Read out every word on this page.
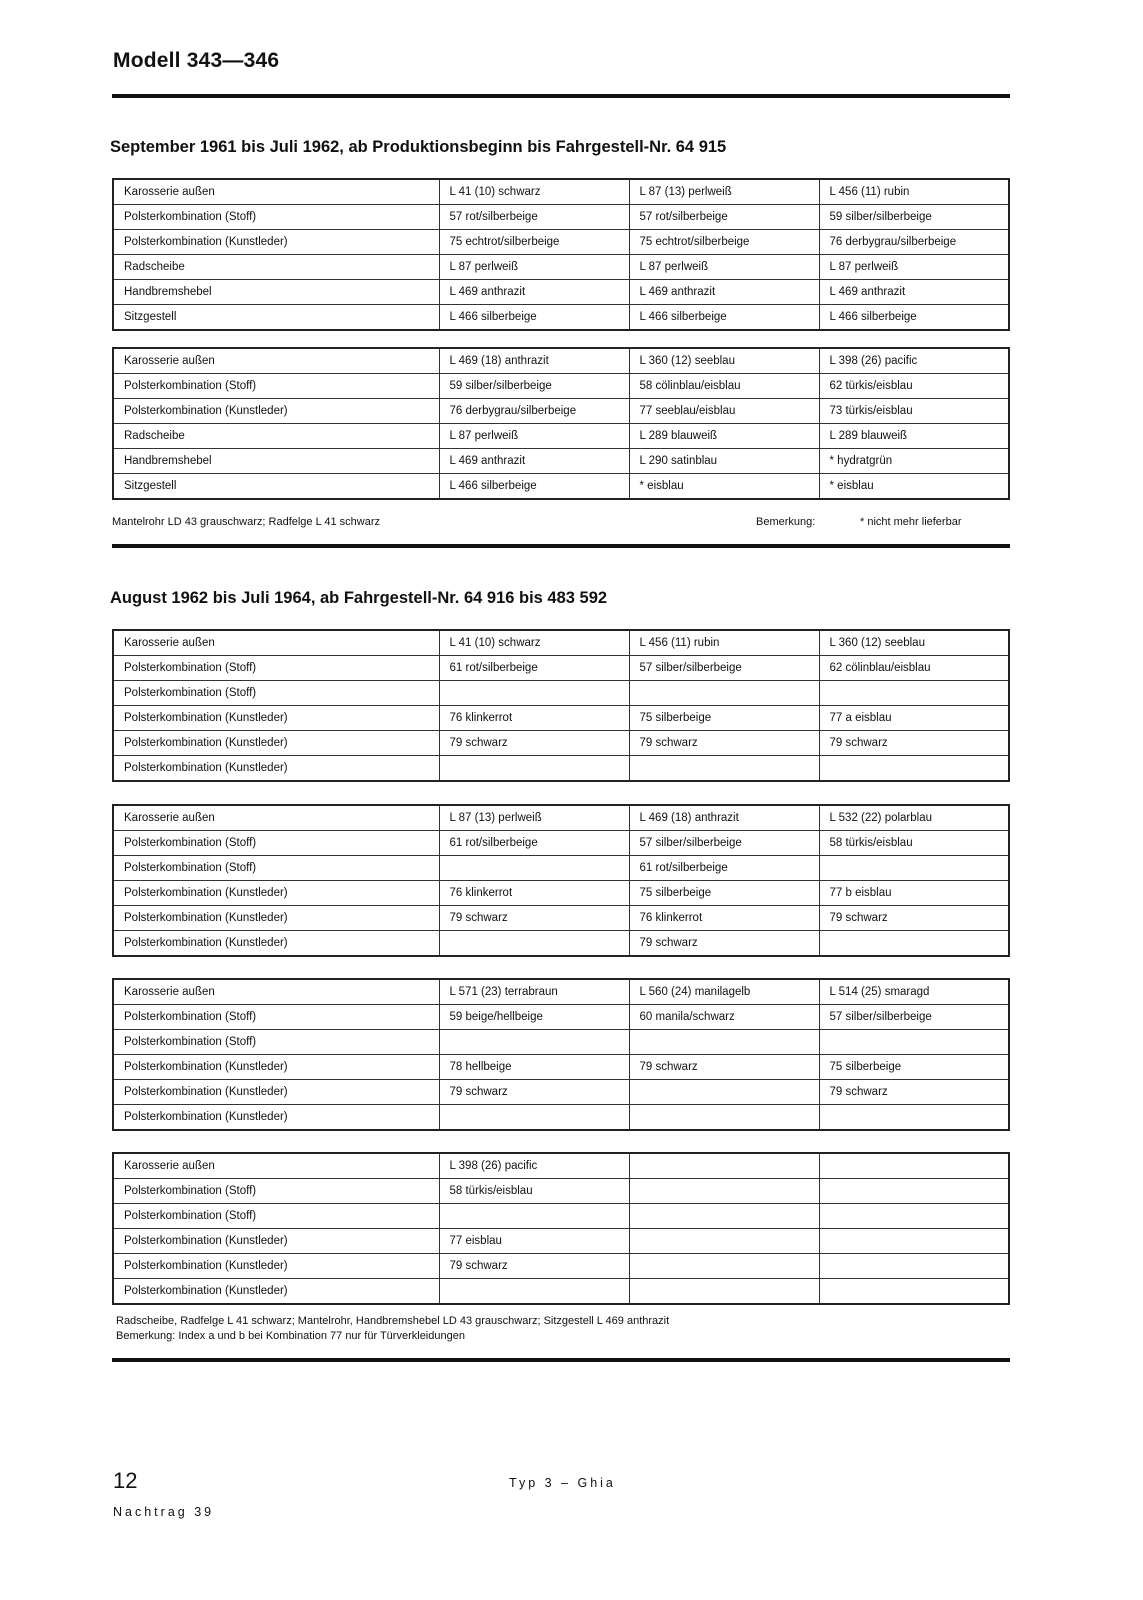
Modell 343—346
September 1961 bis Juli 1962, ab Produktionsbeginn bis Fahrgestell-Nr. 64 915
Karosserie außen	L 41 (10) schwarz	L 87 (13) perlweiß	L 456 (11) rubin
Polsterkombination (Stoff)	57 rot/silberbeige	57 rot/silberbeige	59 silber/silberbeige
Polsterkombination (Kunstleder)	75 echtrot/silberbeige	75 echtrot/silberbeige	76 derbygrau/silberbeige
Radscheibe	L 87 perlweiß	L 87 perlweiß	L 87 perlweiß
Handbremshebel	L 469 anthrazit	L 469 anthrazit	L 469 anthrazit
Sitzgestell	L 466 silberbeige	L 466 silberbeige	L 466 silberbeige
Karosserie außen	L 469 (18) anthrazit	L 360 (12) seeblau	L 398 (26) pacific
Polsterkombination (Stoff)	59 silber/silberbeige	58 cölinblau/eisblau	62 türkis/eisblau
Polsterkombination (Kunstleder)	76 derbygrau/silberbeige	77 seeblau/eisblau	73 türkis/eisblau
Radscheibe	L 87 perlweiß	L 289 blauweiß	L 289 blauweiß
Handbremshebel	L 469 anthrazit	L 290 satinblau	* hydratgrün
Sitzgestell	L 466 silberbeige	* eisblau	* eisblau
Mantelrohr LD 43 grauschwarz; Radfelge L 41 schwarz	Bemerkung:	* nicht mehr lieferbar
August 1962 bis Juli 1964, ab Fahrgestell-Nr. 64 916 bis 483 592
Karosserie außen	L 41 (10) schwarz	L 456 (11) rubin	L 360 (12) seeblau
Polsterkombination (Stoff)	61 rot/silberbeige	57 silber/silberbeige	62 cölinblau/eisblau
Polsterkombination (Stoff)			
Polsterkombination (Kunstleder)	76 klinkerrot	75 silberbeige	77 a eisblau
Polsterkombination (Kunstleder)	79 schwarz	79 schwarz	79 schwarz
Polsterkombination (Kunstleder)			
Karosserie außen	L 87 (13) perlweiß	L 469 (18) anthrazit	L 532 (22) polarblau
Polsterkombination (Stoff)	61 rot/silberbeige	57 silber/silberbeige	58 türkis/eisblau
Polsterkombination (Stoff)		61 rot/silberbeige	
Polsterkombination (Kunstleder)	76 klinkerrot	75 silberbeige	77 b eisblau
Polsterkombination (Kunstleder)	79 schwarz	76 klinkerrot	79 schwarz
Polsterkombination (Kunstleder)		79 schwarz	
Karosserie außen	L 571 (23) terrabraun	L 560 (24) manilagelb	L 514 (25) smaragd
Polsterkombination (Stoff)	59 beige/hellbeige	60 manila/schwarz	57 silber/silberbeige
Polsterkombination (Stoff)			
Polsterkombination (Kunstleder)	78 hellbeige	79 schwarz	75 silberbeige
Polsterkombination (Kunstleder)	79 schwarz		79 schwarz
Polsterkombination (Kunstleder)			
Karosserie außen	L 398 (26) pacific		
Polsterkombination (Stoff)	58 türkis/eisblau		
Polsterkombination (Stoff)			
Polsterkombination (Kunstleder)	77 eisblau		
Polsterkombination (Kunstleder)	79 schwarz		
Polsterkombination (Kunstleder)			
Radscheibe, Radfelge L 41 schwarz; Mantelrohr, Handbremshebel LD 43 grauschwarz; Sitzgestell L 469 anthrazit
Bemerkung: Index a und b bei Kombination 77 nur für Türverkleidungen
12	Typ 3 – Ghia
Nachtrag 39
